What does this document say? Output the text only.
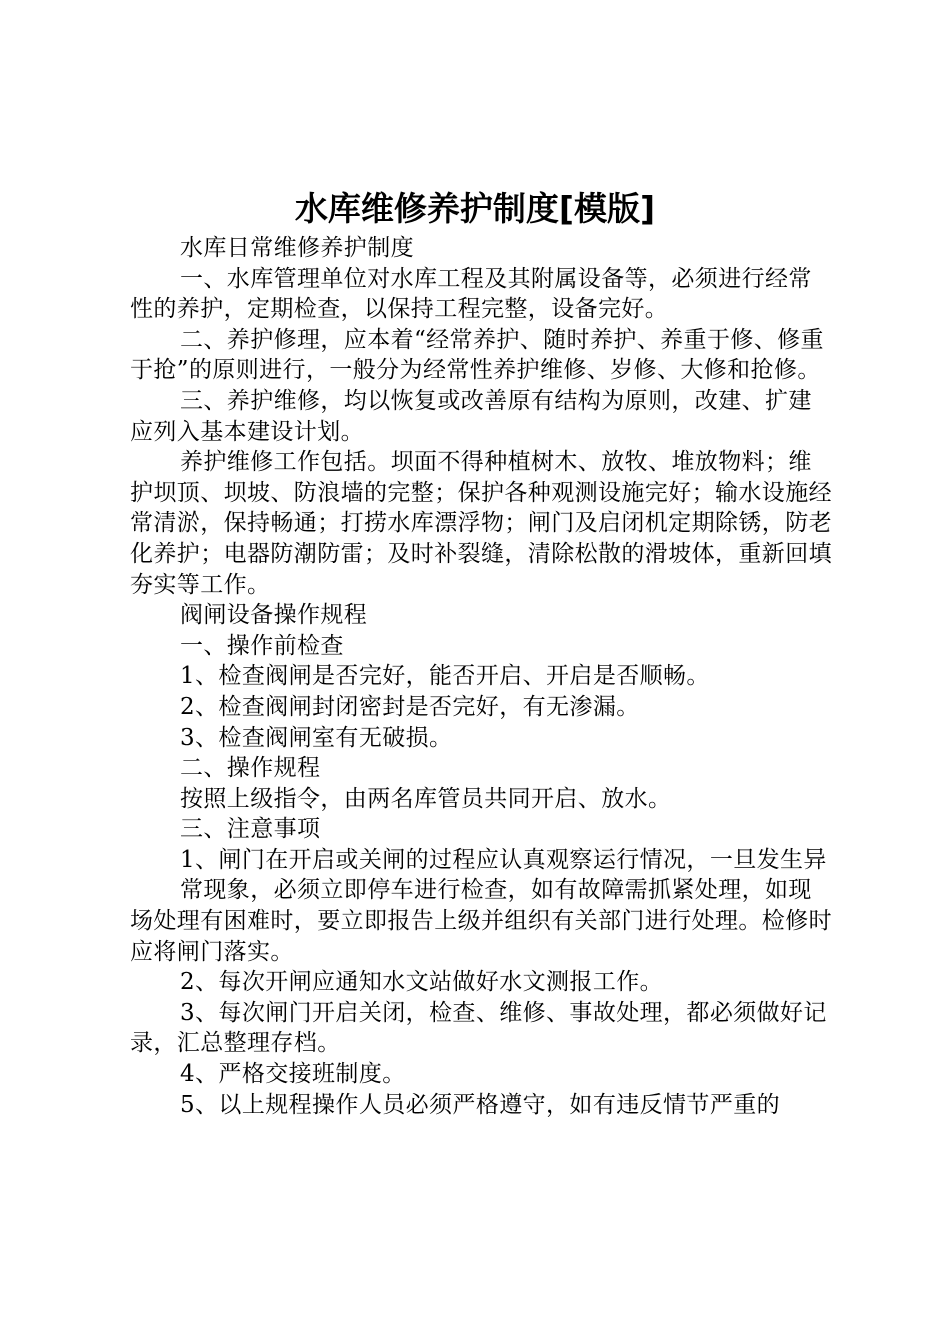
水库维修养护制度[模版]

水库日常维修养护制度

一、水库管理单位对水库工程及其附属设备等，必须进行经常性的养护，定期检查，以保持工程完整，设备完好。

二、养护修理，应本着“经常养护、随时养护、养重于修、修重于抢”的原则进行，一般分为经常性养护维修、岁修、大修和抢修。

三、养护维修，均以恢复或改善原有结构为原则，改建、扩建应列入基本建设计划。

养护维修工作包括。坝面不得种植树木、放牧、堆放物料；维护坝顶、坝坡、防浪墙的完整；保护各种观测设施完好；输水设施经常清淤，保持畅通；打捞水库漂浮物；闸门及启闭机定期除锈，防老化养护；电器防潮防雷；及时补裂缝，清除松散的滑坡体，重新回填夯实等工作。

阀闸设备操作规程

一、操作前检查

1、检查阀闸是否完好，能否开启、开启是否顺畅。

2、检查阀闸封闭密封是否完好，有无渗漏。

3、检查阀闸室有无破损。

二、操作规程

按照上级指令，由两名库管员共同开启、放水。

三、注意事项

1、闸门在开启或关闸的过程应认真观察运行情况，一旦发生异

常现象，必须立即停车进行检查，如有故障需抓紧处理，如现场处理有困难时，要立即报告上级并组织有关部门进行处理。检修时应将闸门落实。

2、每次开闸应通知水文站做好水文测报工作。

3、每次闸门开启关闭，检查、维修、事故处理，都必须做好记录，汇总整理存档。

4、严格交接班制度。

5、以上规程操作人员必须严格遵守，如有违反情节严重的
